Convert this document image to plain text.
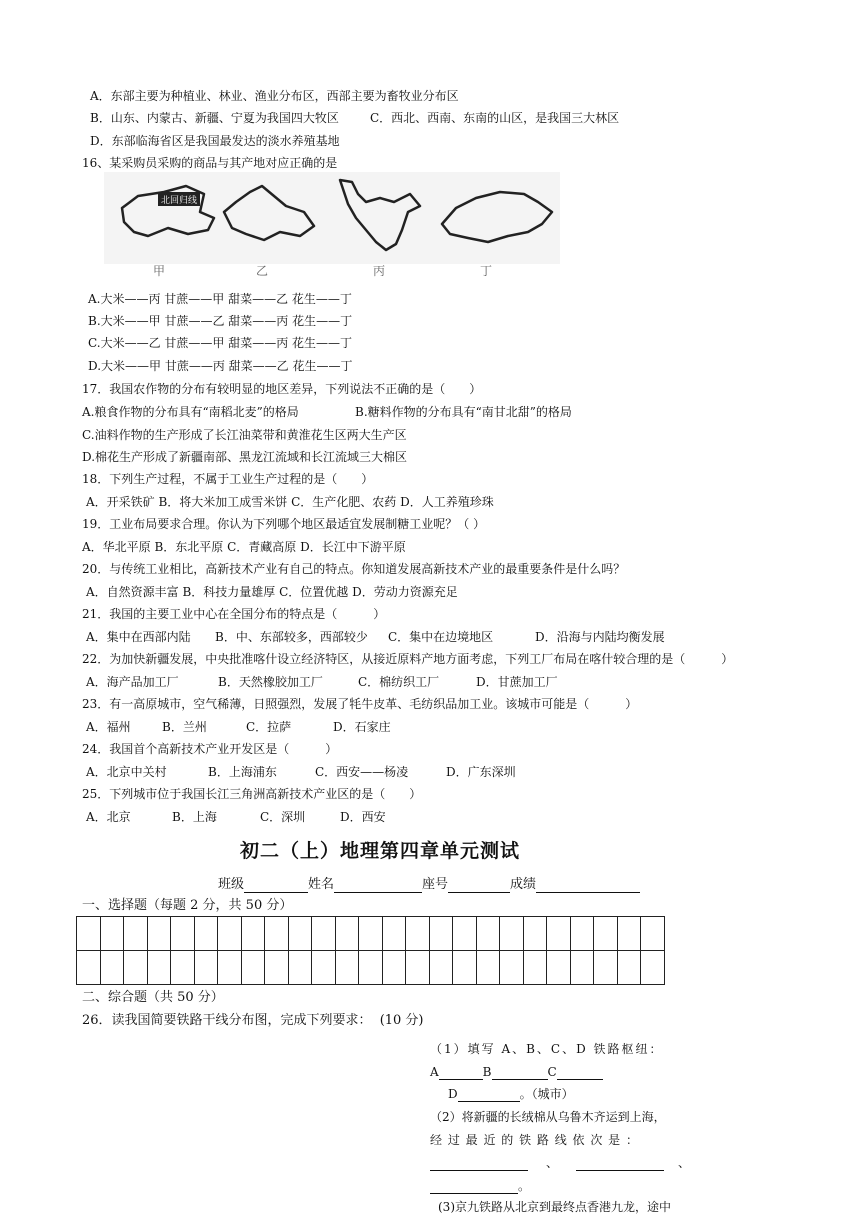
A．东部主要为种植业、林业、渔业分布区，西部主要为畜牧业分布区
B．山东、内蒙古、新疆、宁夏为我国四大牧区	C．西北、西南、东南的山区，是我国三大林区
D．东部临海省区是我国最发达的淡水养殖基地
16、某采购员采购的商品与其产地对应正确的是
北回归线
甲	乙	丙	丁
A.大米——丙 甘蔗——甲 甜菜——乙 花生——丁
B.大米——甲 甘蔗——乙 甜菜——丙 花生——丁
C.大米——乙 甘蔗——甲 甜菜——丙 花生——丁
D.大米——甲 甘蔗——丙 甜菜——乙 花生——丁
17．我国农作物的分布有较明显的地区差异，下列说法不正确的是（　　）
A.粮食作物的分布具有“南稻北麦”的格局	B.糖料作物的分布具有“南甘北甜”的格局
C.油料作物的生产形成了长江油菜带和黄淮花生区两大生产区
D.棉花生产形成了新疆南部、黑龙江流域和长江流域三大棉区
18．下列生产过程，不属于工业生产过程的是（　　）
A．开采铁矿 B．将大米加工成雪米饼 C．生产化肥、农药 D．人工养殖珍珠
19．工业布局要求合理。你认为下列哪个地区最适宜发展制糖工业呢？（ ）
A．华北平原 B．东北平原 C．青藏高原 D．长江中下游平原
20．与传统工业相比，高新技术产业有自己的特点。你知道发展高新技术产业的最重要条件是什么吗？
A．自然资源丰富 B．科技力量雄厚 C．位置优越 D．劳动力资源充足
21．我国的主要工业中心在全国分布的特点是（　　　）
A．集中在西部内陆 B．中、东部较多，西部较少 C．集中在边境地区	D．沿海与内陆均衡发展
22．为加快新疆发展，中央批准喀什设立经济特区，从接近原料产地方面考虑，下列工厂布局在喀什较合理的是（　　　）
A．海产品加工厂	B．天然橡胶加工厂	C．棉纺织工厂	D．甘蔗加工厂
23．有一高原城市，空气稀薄，日照强烈，发展了牦牛皮革、毛纺织品加工业。该城市可能是（　　　）
A．福州	B．兰州	C．拉萨	D．石家庄
24．我国首个高新技术产业开发区是（　　　）
A．北京中关村	B．上海浦东	C．西安——杨凌	D．广东深圳
25．下列城市位于我国长江三角洲高新技术产业区的是（　　）
A．北京	B．上海	C．深圳	D．西安
初二（上）地理第四章单元测试
班级	姓名	座号	成绩
一、选择题（每题 2 分，共 50 分）

二、综合题（共 50 分）
26．读我国简要铁路干线分布图，完成下列要求： (10 分)
（1）填写 A、B、C、D 铁路枢纽：
A	B	C
D	。（城市）
（2）将新疆的长绒棉从乌鲁木齐运到上海，
经 过 最 近 的 铁 路 线 依 次 是 ：
、	、
。
(3)京九铁路从北京到最终点香港九龙，途中
